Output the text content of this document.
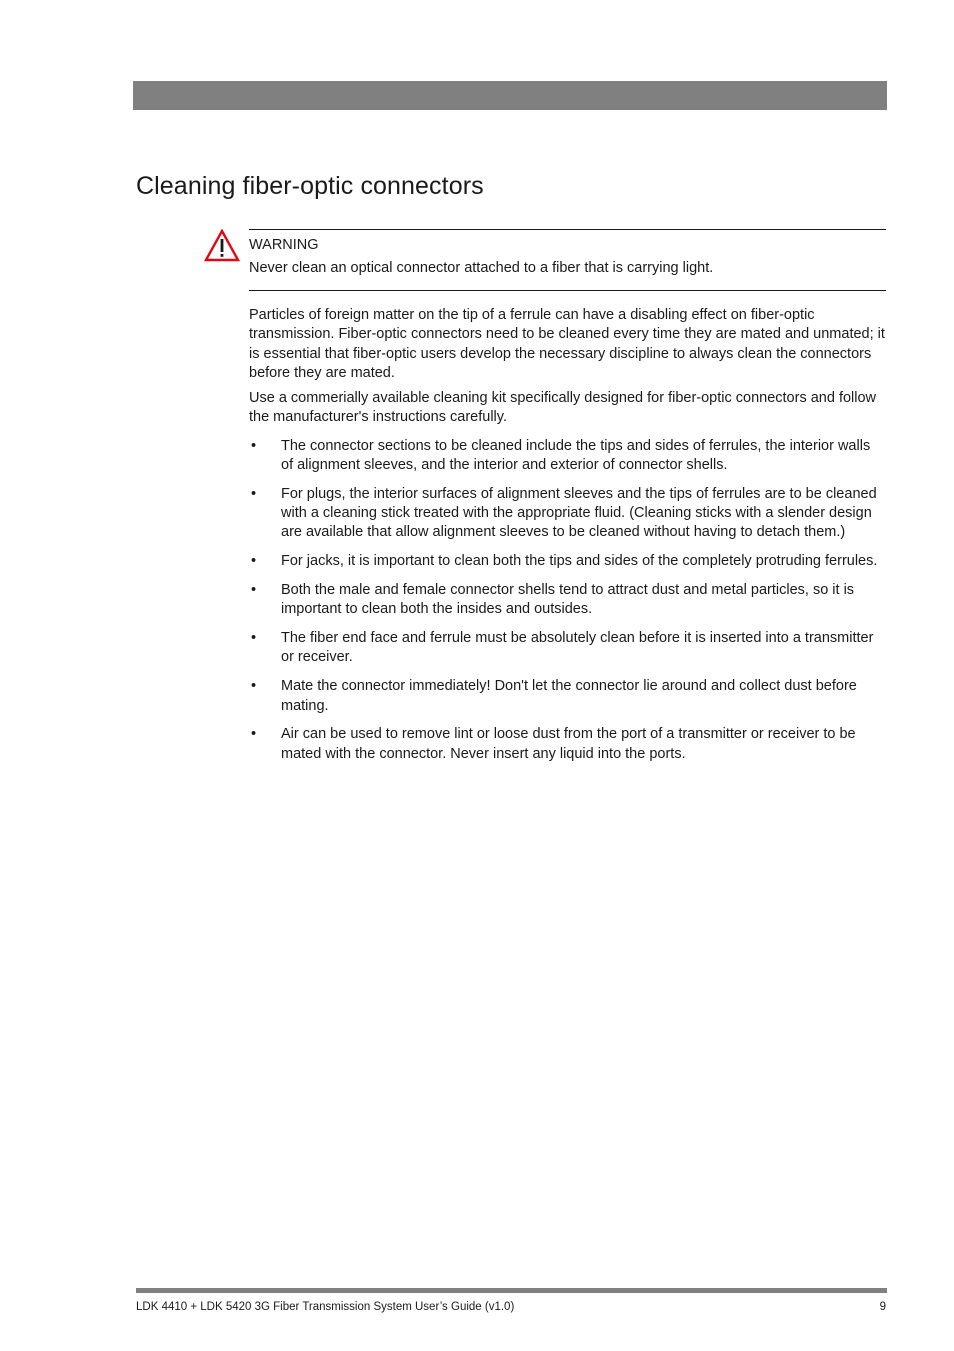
Cleaning fiber-optic connectors
WARNING
Never clean an optical connector attached to a fiber that is carrying light.

Particles of foreign matter on the tip of a ferrule can have a disabling effect on fiber-optic transmission. Fiber-optic connectors need to be cleaned every time they are mated and unmated; it is essential that fiber-optic users develop the necessary discipline to always clean the connectors before they are mated.

Use a commerially available cleaning kit specifically designed for fiber-optic connectors and follow the manufacturer's instructions carefully.

• The connector sections to be cleaned include the tips and sides of ferrules, the interior walls of alignment sleeves, and the interior and exterior of connector shells.
• For plugs, the interior surfaces of alignment sleeves and the tips of ferrules are to be cleaned with a cleaning stick treated with the appropriate fluid. (Cleaning sticks with a slender design are available that allow alignment sleeves to be cleaned without having to detach them.)
• For jacks, it is important to clean both the tips and sides of the completely protruding ferrules.
• Both the male and female connector shells tend to attract dust and metal particles, so it is important to clean both the insides and outsides.
• The fiber end face and ferrule must be absolutely clean before it is inserted into a transmitter or receiver.
• Mate the connector immediately! Don't let the connector lie around and collect dust before mating.
• Air can be used to remove lint or loose dust from the port of a transmitter or receiver to be mated with the connector. Never insert any liquid into the ports.
LDK 4410 + LDK 5420 3G Fiber Transmission System User’s Guide (v1.0)	9
